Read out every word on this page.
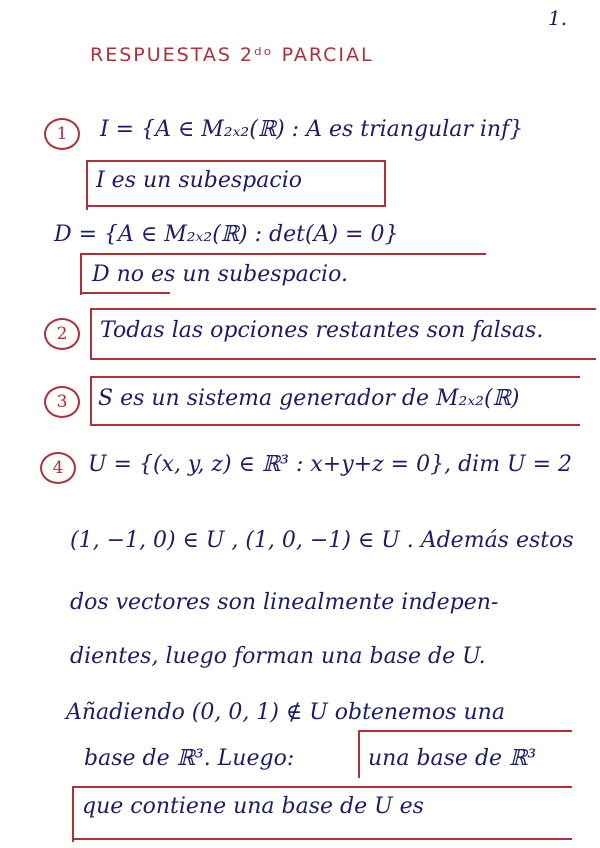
1.
RESPUESTAS 2ᵈᵒ PARCIAL
1	I = {A ∈ M₂ₓ₂(ℝ) : A es triangular inf}
I es un subespacio
D = {A ∈ M₂ₓ₂(ℝ) : det(A) = 0}
D no es un subespacio.
2	Todas las opciones restantes son falsas.
3	S es un sistema generador de M₂ₓ₂(ℝ)
4	U = {(x, y, z) ∈ ℝ³ : x+y+z = 0}, dim U = 2
(1, −1, 0) ∈ U , (1, 0, −1) ∈ U . Además estos
dos vectores son linealmente indepen-
dientes, luego forman una base de U.
Añadiendo (0, 0, 1) ∉ U obtenemos una
base de ℝ³. Luego:	una base de ℝ³
que contiene una base de U es
